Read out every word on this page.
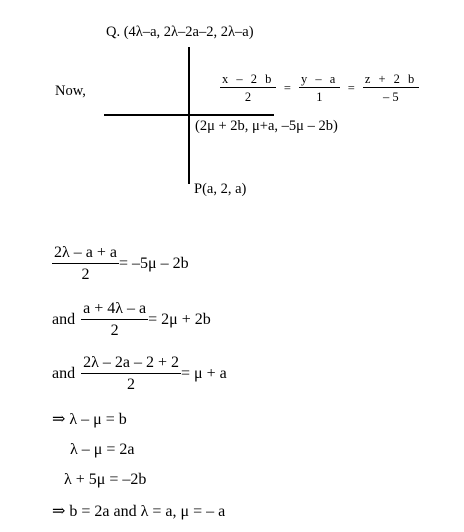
Q. (4λ–a, 2λ–2a–2, 2λ–a)
Now,	$\frac{x - 2 b}{2} = \frac{y - a}{1} = \frac{z + 2 b}{- 5}$
(2μ + 2b, μ+a, –5μ – 2b)
P(a, 2, a)
$\frac{2\lambda - a + a}{2} = -5\mu - 2b$
and $\frac{a + 4\lambda - a}{2} = 2\mu + 2b$
and $\frac{2\lambda - 2a - 2 + 2}{2} = \mu + a$
⇒ λ – μ = b
λ – μ = 2a
λ + 5μ = –2b
⇒ b = 2a and λ = a, μ = – a
